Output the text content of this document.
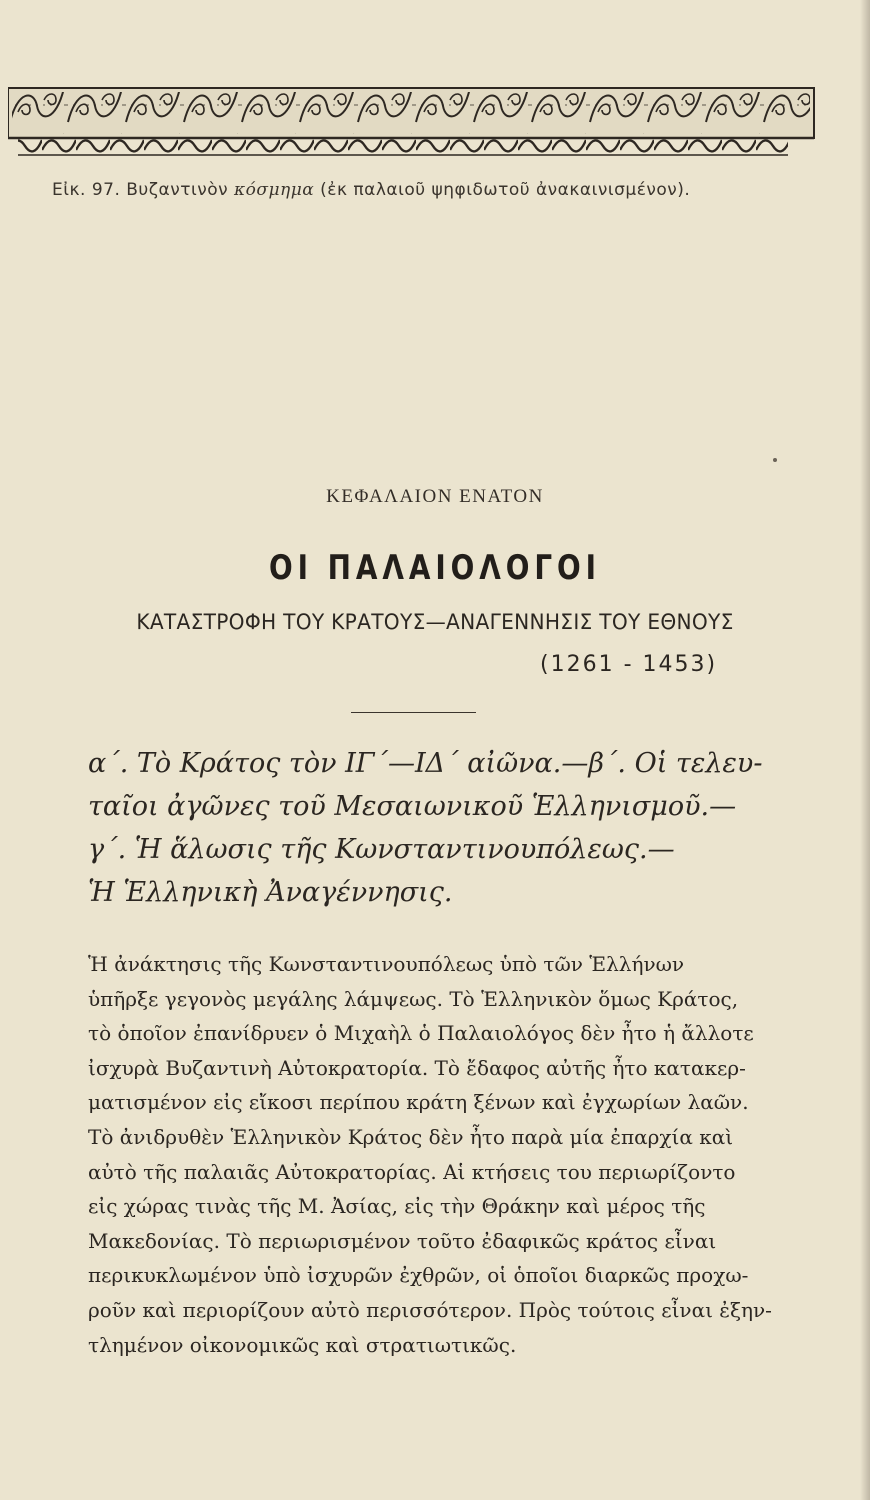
Εἰκ. 97. Βυζαντινὸν κόσμημα (ἐκ παλαιοῦ ψηφιδωτοῦ ἀνακαινισμένον).
ΚΕΦΑΛΑΙΟΝ ΕΝΑΤΟΝ
ΟΙ ΠΑΛΑΙΟΛΟΓΟΙ
ΚΑΤΑΣΤΡΟΦΗ ΤΟΥ ΚΡΑΤΟΥΣ—ΑΝΑΓΕΝΝΗΣΙΣ ΤΟΥ ΕΘΝΟΥΣ
(1261 - 1453)
α΄. Τὸ Κράτος τὸν ΙΓ΄—ΙΔ΄ αἰῶνα.—β΄. Οἱ τελευ-
ταῖοι ἀγῶνες τοῦ Μεσαιωνικοῦ Ἑλληνισμοῦ.—
γ΄. Ἡ ἅλωσις τῆς Κωνσταντινουπόλεως.—
Ἡ Ἑλληνικὴ Ἀναγέννησις.
Ἡ ἀνάκτησις τῆς Κωνσταντινουπόλεως ὑπὸ τῶν Ἑλλήνων
ὑπῆρξε γεγονὸς μεγάλης λάμψεως. Τὸ Ἑλληνικὸν ὅμως Κράτος,
τὸ ὁποῖον ἐπανίδρυεν ὁ Μιχαὴλ ὁ Παλαιολόγος δὲν ἦτο ἡ ἄλλοτε
ἰσχυρὰ Βυζαντινὴ Αὐτοκρατορία. Τὸ ἔδαφος αὐτῆς ἦτο κατακερ-
ματισμένον εἰς εἴκοσι περίπου κράτη ξένων καὶ ἐγχωρίων λαῶν.
Τὸ ἀνιδρυθὲν Ἑλληνικὸν Κράτος δὲν ἦτο παρὰ μία ἐπαρχία καὶ
αὐτὸ τῆς παλαιᾶς Αὐτοκρατορίας. Αἱ κτήσεις του περιωρίζοντο
εἰς χώρας τινὰς τῆς Μ. Ἀσίας, εἰς τὴν Θράκην καὶ μέρος τῆς
Μακεδονίας. Τὸ περιωρισμένον τοῦτο ἐδαφικῶς κράτος εἶναι
περικυκλωμένον ὑπὸ ἰσχυρῶν ἐχθρῶν, οἱ ὁποῖοι διαρκῶς προχω-
ροῦν καὶ περιορίζουν αὐτὸ περισσότερον. Πρὸς τούτοις εἶναι ἐξην-
τλημένον οἰκονομικῶς καὶ στρατιωτικῶς.
